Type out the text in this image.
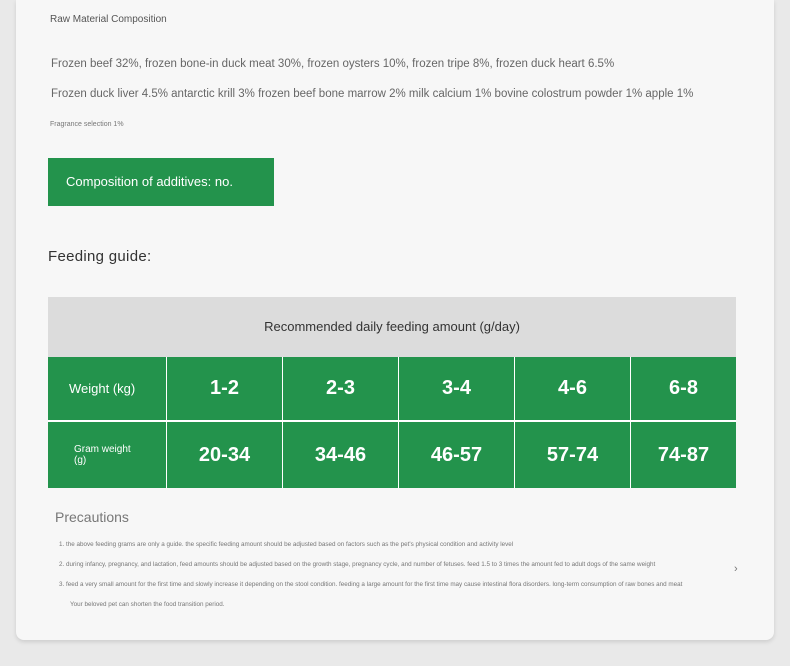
Raw Material Composition
Frozen beef 32%, frozen bone-in duck meat 30%, frozen oysters 10%, frozen tripe 8%, frozen duck heart 6.5%
Frozen duck liver 4.5% antarctic krill 3% frozen beef bone marrow 2% milk calcium 1% bovine colostrum powder 1% apple 1%
Fragrance selection 1%
Composition of additives: no.
Feeding guide:
Recommended daily feeding amount (g/day)
Weight (kg)	1-2	2-3	3-4	4-6	6-8
Gram weight
(g)	20-34	34-46	46-57	57-74	74-87
Precautions
1. the above feeding grams are only a guide. the specific feeding amount should be adjusted based on factors such as the pet's physical condition and activity level
2. during infancy, pregnancy, and lactation, feed amounts should be adjusted based on the growth stage, pregnancy cycle, and number of fetuses. feed 1.5 to 3 times the amount fed to adult dogs of the same weight
3. feed a very small amount for the first time and slowly increase it depending on the stool condition. feeding a large amount for the first time may cause intestinal flora disorders. long-term consumption of raw bones and meat
Your beloved pet can shorten the food transition period.
›
